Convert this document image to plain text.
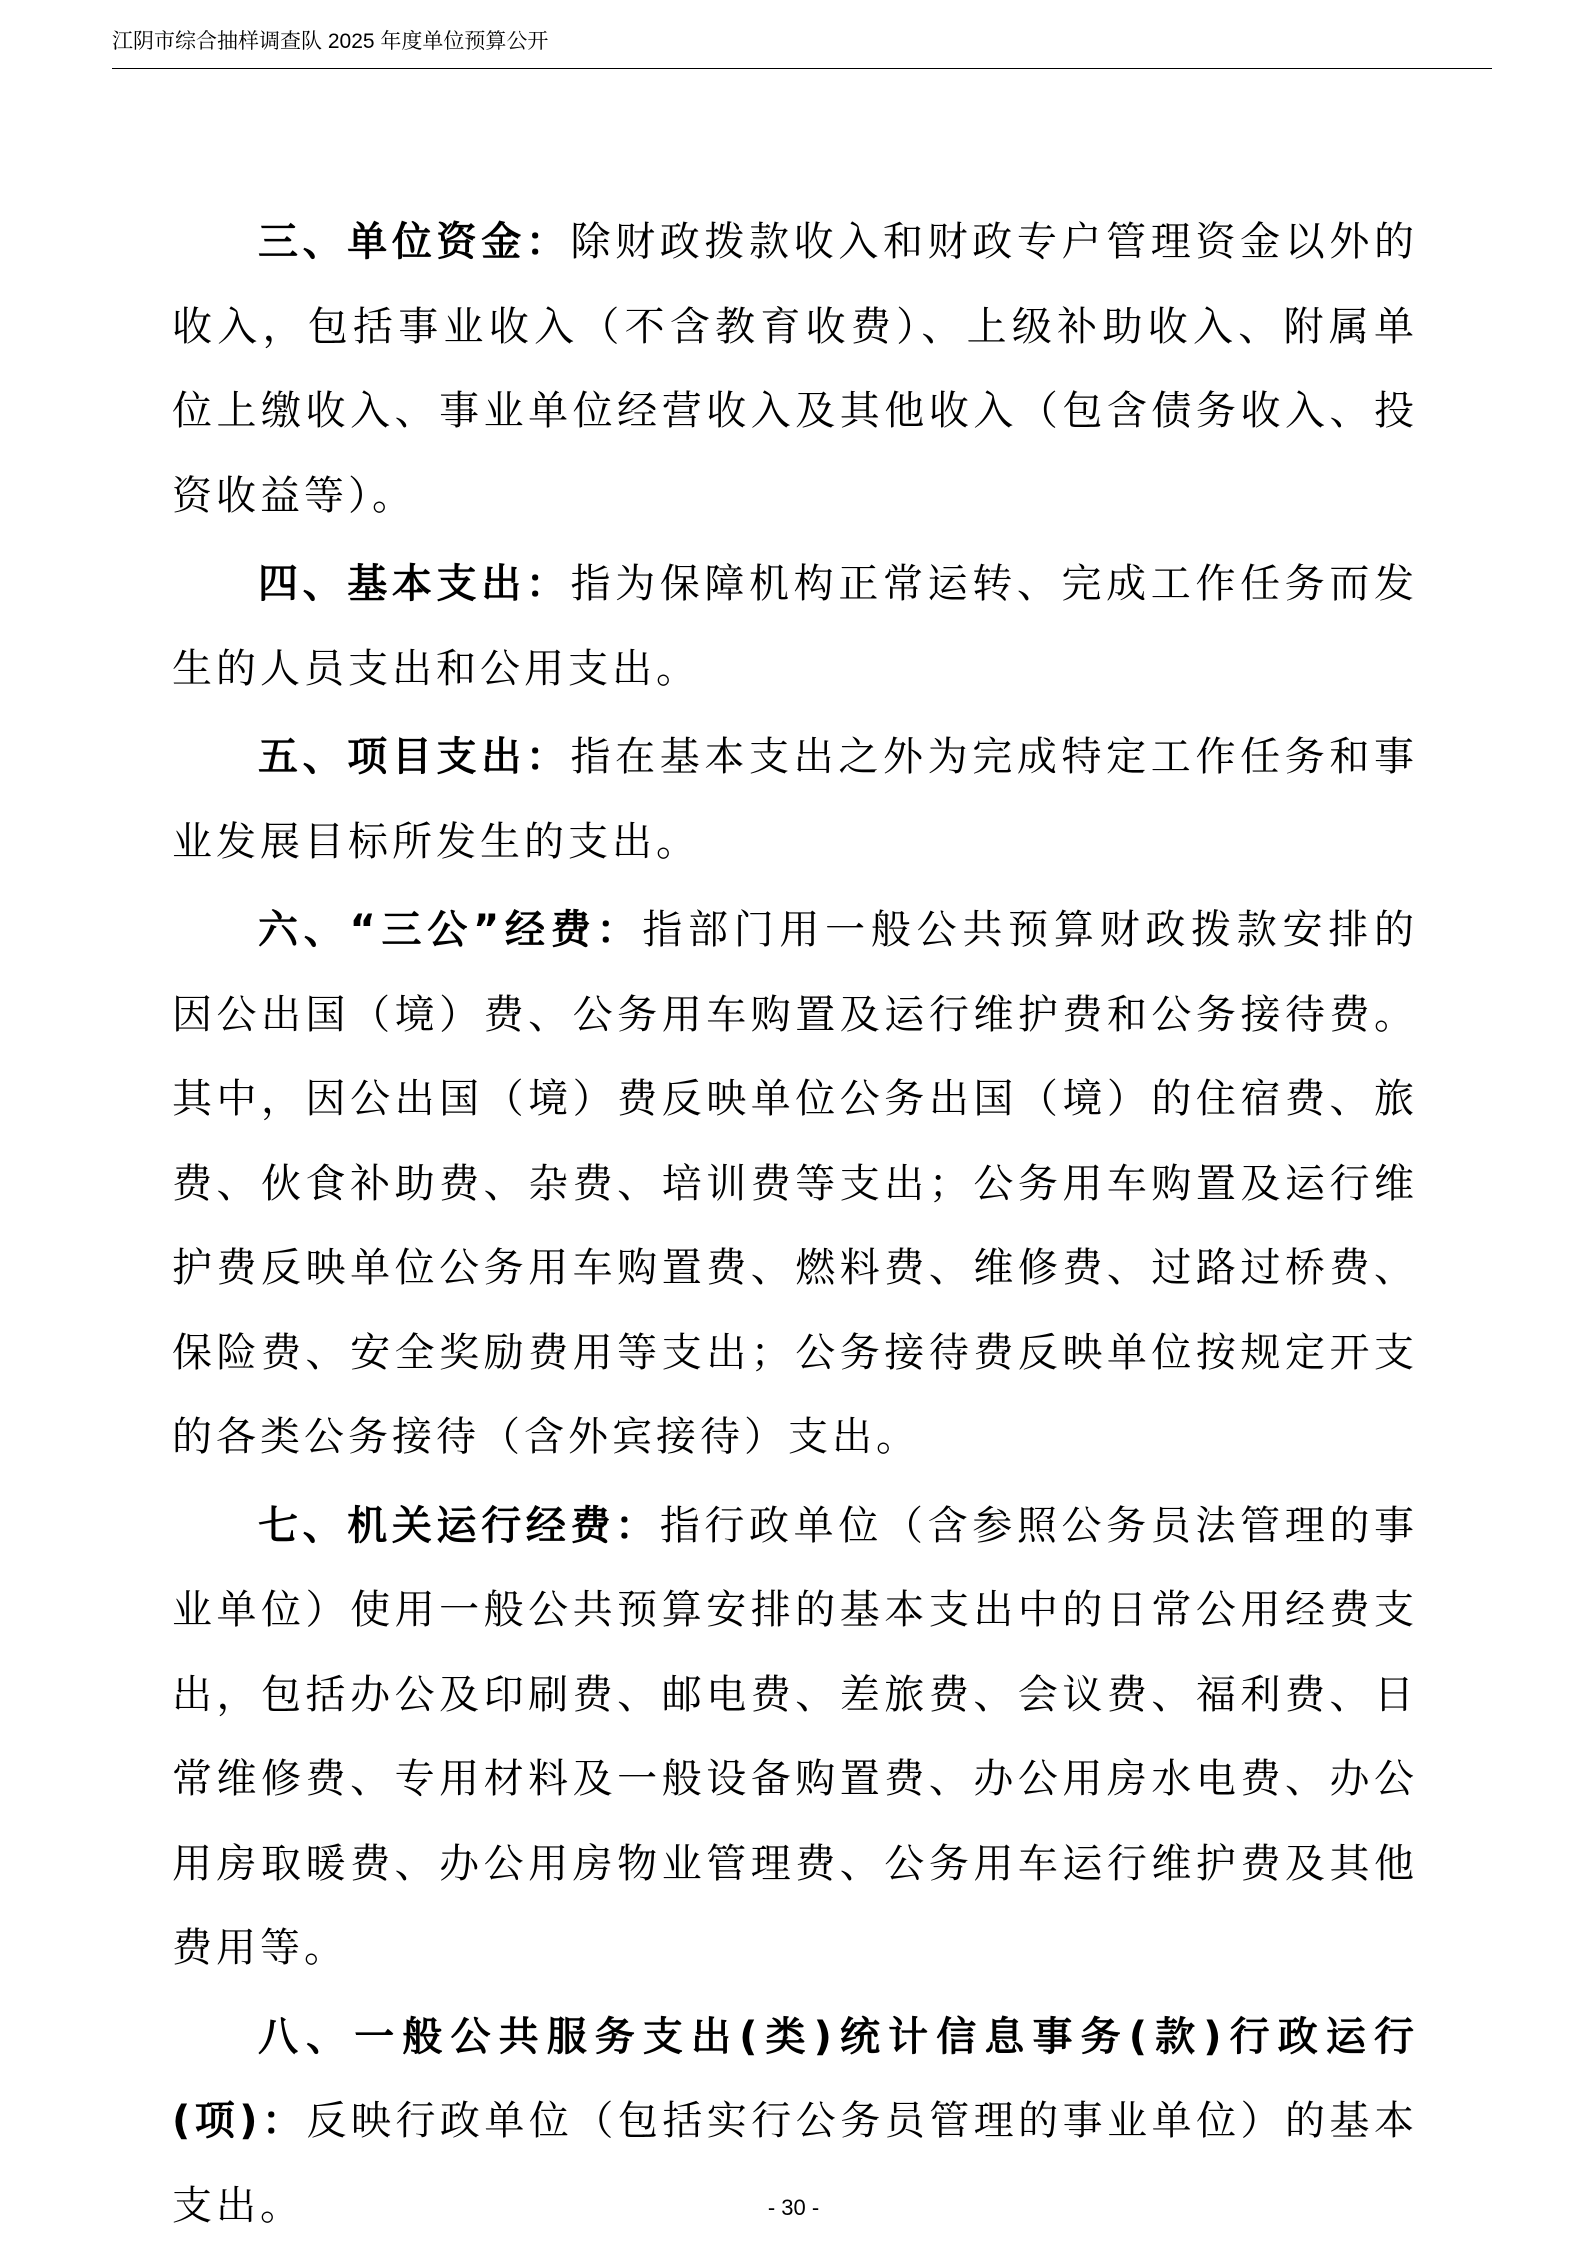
江阴市综合抽样调查队 2025 年度单位预算公开

三、单位资金：除财政拨款收入和财政专户管理资金以外的收入，包括事业收入（不含教育收费）、上级补助收入、附属单位上缴收入、事业单位经营收入及其他收入（包含债务收入、投资收益等）。

四、基本支出：指为保障机构正常运转、完成工作任务而发生的人员支出和公用支出。

五、项目支出：指在基本支出之外为完成特定工作任务和事业发展目标所发生的支出。

六、“三公”经费：指部门用一般公共预算财政拨款安排的因公出国（境）费、公务用车购置及运行维护费和公务接待费。其中，因公出国（境）费反映单位公务出国（境）的住宿费、旅费、伙食补助费、杂费、培训费等支出；公务用车购置及运行维护费反映单位公务用车购置费、燃料费、维修费、过路过桥费、保险费、安全奖励费用等支出；公务接待费反映单位按规定开支的各类公务接待（含外宾接待）支出。

七、机关运行经费：指行政单位（含参照公务员法管理的事业单位）使用一般公共预算安排的基本支出中的日常公用经费支出，包括办公及印刷费、邮电费、差旅费、会议费、福利费、日常维修费、专用材料及一般设备购置费、办公用房水电费、办公用房取暖费、办公用房物业管理费、公务用车运行维护费及其他费用等。

八、一般公共服务支出(类)统计信息事务(款)行政运行(项)：反映行政单位（包括实行公务员管理的事业单位）的基本支出。	- 30 -
